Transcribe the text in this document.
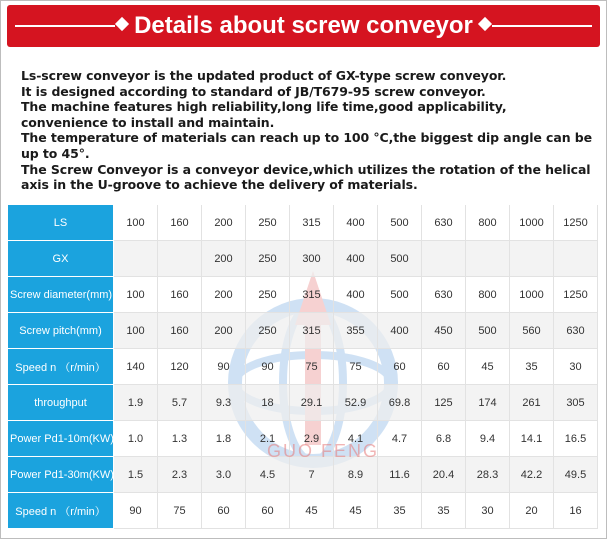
Details about screw conveyor

Ls-screw conveyor is the updated product of GX-type screw conveyor.

It is designed according to standard of JB/T679-95 screw conveyor.

The machine features high reliability,long life time,good applicability, convenience to install and maintain.

The temperature of materials can reach up to 100 °C,the biggest dip angle can be up to 45°.

The Screw Conveyor is a conveyor device,which utilizes the rotation of the helical axis in the U-groove to achieve the delivery of materials.

GUO FENG
LS	100	160	200	250	315	400	500	630	800	1000	1250
GX			200	250	300	400	500				
Screw diameter(mm)	100	160	200	250	315	400	500	630	800	1000	1250
Screw pitch(mm)	100	160	200	250	315	355	400	450	500	560	630
Speed n （r/min）	140	120	90	90	75	75	60	60	45	35	30
throughput	1.9	5.7	9.3	18	29.1	52.9	69.8	125	174	261	305
Power Pd1-10m(KW)	1.0	1.3	1.8	2.1	2.9	4.1	4.7	6.8	9.4	14.1	16.5
Power Pd1-30m(KW)	1.5	2.3	3.0	4.5	7	8.9	11.6	20.4	28.3	42.2	49.5
Speed n （r/min）	90	75	60	60	45	45	35	35	30	20	16
